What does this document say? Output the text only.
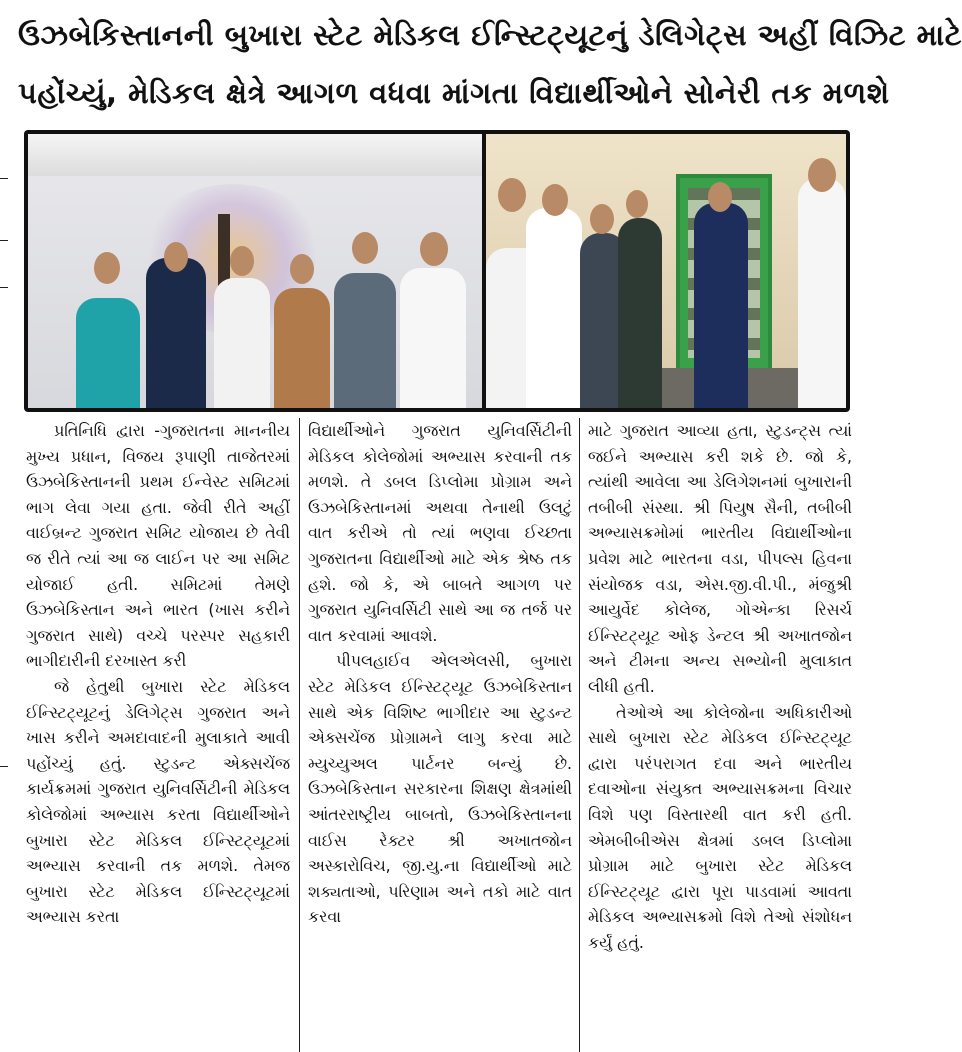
ઉઝબેકિસ્તાનની બુખારા સ્ટેટ મેડિકલ ઈન્સ્ટિટ્યૂટનું ડેલિગેટ્સ અહીં વિઝિટ માટે
પહોંચ્યું, મેડિકલ ક્ષેત્રે આગળ વધવા માંગતા વિદ્યાર્થીઓને સોનેરી તક મળશે

પ્રતિનિધિ દ્વારા -ગુજરાતના માનનીય મુખ્ય પ્રધાન, વિજય રૂપાણી તાજેતરમાં ઉઝબેકિસ્તાનની પ્રથમ ઈન્વેસ્ટ સમિટમાં ભાગ લેવા ગયા હતા. જેવી રીતે અહીં વાઈબ્રન્ટ ગુજરાત સમિટ યોજાય છે તેવી જ રીતે ત્યાં આ જ લાઈન પર આ સમિટ યોજાઈ હતી. સમિટમાં તેમણે ઉઝબેકિસ્તાન અને ભારત (ખાસ કરીને ગુજરાત સાથે) વચ્ચે પરસ્પર સહકારી ભાગીદારીની દરખાસ્ત કરી

જે હેતુથી બુખારા સ્ટેટ મેડિકલ ઈન્સ્ટિટ્યૂટનું ડેલિગેટ્સ ગુજરાત અને ખાસ કરીને અમદાવાદની મુલાકાતે આવી પહોંચ્યું હતું. સ્ટુડન્ટ એક્સચેંજ કાર્યક્રમમાં ગુજરાત યુનિવર્સિટીની મેડિકલ કોલેજોમાં અભ્યાસ કરતા વિદ્યાર્થીઓને બુખારા સ્ટેટ મેડિકલ ઈન્સ્ટિટ્યૂટમાં અભ્યાસ કરવાની તક મળશે. તેમજ બુખારા સ્ટેટ મેડિકલ ઈન્સ્ટિટ્યૂટમાં અભ્યાસ કરતા

વિદ્યાર્થીઓને ગુજરાત યુનિવર્સિટીની મેડિકલ કોલેજોમાં અભ્યાસ કરવાની તક મળશે. તે ડબલ ડિપ્લોમા પ્રોગ્રામ અને ઉઝબેકિસ્તાનમાં અથવા તેનાથી ઉલટું વાત કરીએ તો ત્યાં ભણવા ઈચ્છતા ગુજરાતના વિદ્યાર્થીઓ માટે એક શ્રેષ્ઠ તક હશે. જો કે, એ બાબતે આગળ પર ગુજરાત યુનિવર્સિટી સાથે આ જ તર્જ પર વાત કરવામાં આવશે.

પીપલહાઈવ એલએલસી, બુખારા સ્ટેટ મેડિકલ ઈન્સ્ટિટ્યૂટ ઉઝબેકિસ્તાન સાથે એક વિશિષ્ટ ભાગીદાર આ સ્ટુડન્ટ એક્સચેંજ પ્રોગ્રામને લાગુ કરવા માટે મ્યુચ્યુઅલ પાર્ટનર બન્યું છે. ઉઝબેકિસ્તાન સરકારના શિક્ષણ ક્ષેત્રમાંથી આંતરરાષ્ટ્રીય બાબતો, ઉઝબેકિસ્તાનના વાઈસ રેક્ટર શ્રી અખાતજોન અસ્કારોવિચ, જી.યુ.ના વિદ્યાર્થીઓ માટે શક્યતાઓ, પરિણામ અને તકો માટે વાત કરવા

માટે ગુજરાત આવ્યા હતા, સ્ટુડન્ટ્સ ત્યાં જઈને અભ્યાસ કરી શકે છે. જો કે, ત્યાંથી આવેલા આ ડેલિગેશનમાં બુખારાની તબીબી સંસ્થા. શ્રી પિયુષ સૈની, તબીબી અભ્યાસક્રમોમાં ભારતીય વિદ્યાર્થીઓના પ્રવેશ માટે ભારતના વડા, પીપલ્સ હિવના સંયોજક વડા, એસ.જી.વી.પી., મંજુશ્રી આયુર્વેદ કોલેજ, ગોએન્કા રિસર્ચ ઈન્સ્ટિટ્યૂટ ઓફ ડેન્ટલ શ્રી અખાતજોન અને ટીમના અન્ય સભ્યોની મુલાકાત લીધી હતી.

તેઓએ આ કોલેજોના અધિકારીઓ સાથે બુખારા સ્ટેટ મેડિકલ ઈન્સ્ટિટ્યૂટ દ્વારા પરંપરાગત દવા અને ભારતીય દવાઓના સંયુક્ત અભ્યાસક્રમના વિચાર વિશે પણ વિસ્તારથી વાત કરી હતી. એમબીબીએસ ક્ષેત્રમાં ડબલ ડિપ્લોમા પ્રોગ્રામ માટે બુખારા સ્ટેટ મેડિકલ ઈન્સ્ટિટ્યૂટ દ્વારા પૂરા પાડવામાં આવતા મેડિકલ અભ્યાસક્રમો વિશે તેઓ સંશોધન કર્યું હતું.
